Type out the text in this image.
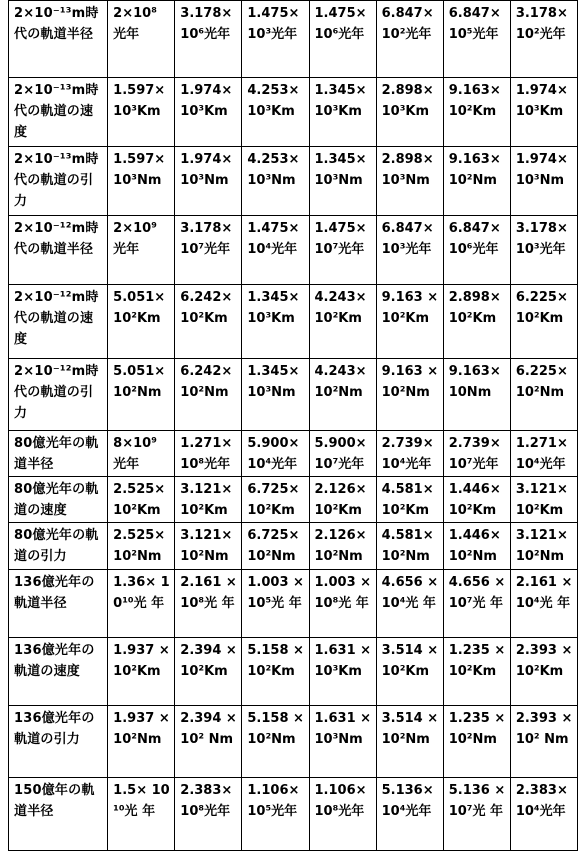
2×10⁻¹³m時代の軌道半径	2×10⁸ 光年	3.178× 10⁶光年	1.475× 10³光年	1.475× 10⁶光年	6.847× 10²光年	6.847× 10⁵光年	3.178× 10²光年
2×10⁻¹³m時代の軌道の速度	1.597× 10³Km	1.974× 10³Km	4.253× 10³Km	1.345× 10³Km	2.898× 10³Km	9.163× 10²Km	1.974× 10³Km
2×10⁻¹³m時代の軌道の引力	1.597× 10³Nm	1.974× 10³Nm	4.253× 10³Nm	1.345× 10³Nm	2.898× 10³Nm	9.163× 10²Nm	1.974× 10³Nm
2×10⁻¹²m時代の軌道半径	2×10⁹ 光年	3.178× 10⁷光年	1.475× 10⁴光年	1.475× 10⁷光年	6.847× 10³光年	6.847× 10⁶光年	3.178× 10³光年
2×10⁻¹²m時代の軌道の速度	5.051× 10²Km	6.242× 10²Km	1.345× 10³Km	4.243× 10²Km	9.163 × 10²Km	2.898× 10²Km	6.225× 10²Km
2×10⁻¹²m時代の軌道の引力	5.051× 10²Nm	6.242× 10²Nm	1.345× 10³Nm	4.243× 10²Nm	9.163 × 10²Nm	9.163× 10Nm	6.225× 10²Nm
80億光年の軌道半径	8×10⁹ 光年	1.271× 10⁸光年	5.900× 10⁴光年	5.900× 10⁷光年	2.739× 10⁴光年	2.739× 10⁷光年	1.271× 10⁴光年
80億光年の軌道の速度	2.525× 10²Km	3.121× 10²Km	6.725× 10²Km	2.126× 10²Km	4.581× 10²Km	1.446× 10²Km	3.121× 10²Km
80億光年の軌道の引力	2.525× 10²Nm	3.121× 10²Nm	6.725× 10²Nm	2.126× 10²Nm	4.581× 10²Nm	1.446× 10²Nm	3.121× 10²Nm
136億光年の軌道半径	1.36× 10¹⁰光 年	2.161 ×10⁸光 年	1.003 ×10⁵光 年	1.003 ×10⁸光 年	4.656 ×10⁴光 年	4.656 ×10⁷光 年	2.161 ×10⁴光 年
136億光年の軌道の速度	1.937 ×10²Km	2.394 ×10²Km	5.158 ×10²Km	1.631 ×10³Km	3.514 ×10²Km	1.235 ×10²Km	2.393 ×10²Km
136億光年の軌道の引力	1.937 ×10²Nm	2.394 ×10² Nm	5.158 ×10²Nm	1.631 ×10³Nm	3.514 ×10²Nm	1.235 ×10²Nm	2.393 ×10² Nm
150億年の軌道半径	1.5× 10¹⁰光 年	2.383× 10⁸光年	1.106× 10⁵光年	1.106× 10⁸光年	5.136× 10⁴光年	5.136 ×10⁷光 年	2.383× 10⁴光年
